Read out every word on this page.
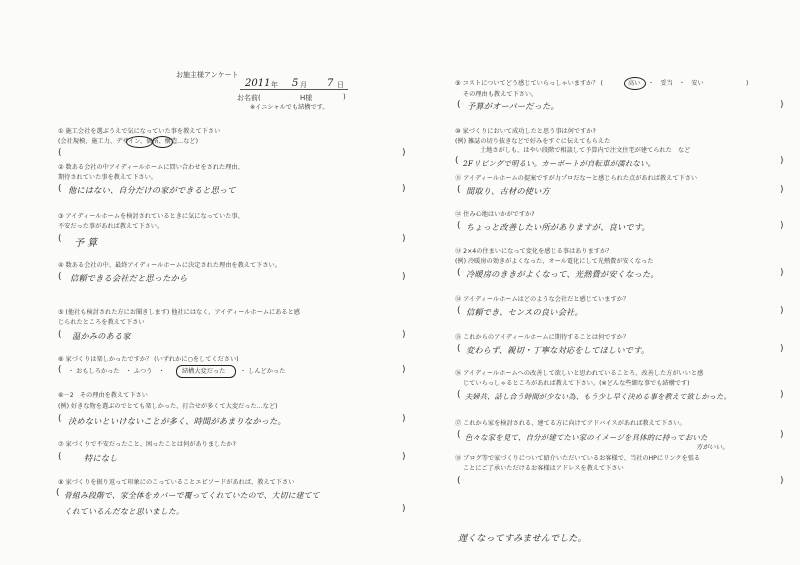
お施主様アンケート
2011 年 5 月 7 日
お名前(	H様	)
※イニシャルでも結構です。
① 施工会社を選ぶうえで気になっていた事を教えて下さい
(会社規模、施工力、デザイン、価格、構造…など)
(	)
② 数ある会社の中アイディールホームに問い合わせをされた理由、
期待されていた事を教えて下さい。
( 他にはない、自分だけの家ができると思って	)
③ アイディールホームを検討されているときに気になっていた事、
不安だった事があれば教えて下さい。
( 予 算	)
④ 数ある会社の中、最終アイディールホームに決定された理由を教えて下さい。
( 信頼できる会社だと思ったから	)
⑤ (他社も検討された方にお聞きします) 他社にはなく、アイディールホームにあると感
じられたところを教えて下さい
( 温かみのある家	)
⑥ 家づくりは楽しかったですか？ (いずれかに○をしてください)
( ・ おもしろかった　・ ふつう　・	結構大変だった ・ しんどかった	)
⑥－2　その理由を教えて下さい
(例) 好きな物を選ぶのでとても楽しかった、打合せが多くて大変だった…など)
( 決めないといけないことが多く、時間があまりなかった。	)
⑦ 家づくりで不安だったこと、困ったことは何がありましたか?
(	特になし	)
⑧ 家づくりを振り返って印象にのこっていることエピソードがあれば、教えて下さい
( 骨組み段階で、家全体をカバーで覆ってくれていたので、大切に建てて
くれているんだなと思いました。	)
⑨ コストについてどう感じていらっしゃいますか？ (	高い ・　妥当　・　安い	)
その理由も教えて下さい。
( 予算がオーバーだった。	)
⑩ 家づくりにおいて成功したと思う事は何ですか?
(例) 雑誌の切り抜きなどで好みをすぐに伝えてもらえた
土地さがしも、はやい段階で相談して予算内で注文住宅が建てられた　など
( 2Fリビングで明るい。カーポートが自転車が濡れない。	)
⑪ アイディールホームの提案ですが力プロだなーと感じられた点があれば教えて下さい
( 間取り、古材の使い方	)
⑫ 住み心地はいかがですか?
( ちょっと改善したい所がありますが、良いです。	)
⑬ 2×4の住まいになって変化を感じる事はありますか？
(例) 冷暖房の効きがよくなった、オール電化にして光熱費が安くなった
( 冷暖房のききがよくなって、光熱費が安くなった。	)
⑭ アイディールホームはどのような会社だと感じていますか？
( 信頼でき、センスの良い会社。	)
⑮ これからのアイディールホームに期待することは何ですか？
( 変わらず、親切・丁寧な対応をしてほしいです。	)
⑯ アイディールホームへの改善して欲しいと思われていることろ、改善した方がいいと感
じていらっしゃるところがあれば教えて下さい。(※どんな些細な事でも結構です)
( 夫婦共、話し合う時間が少ない為、もう少し早く決める事を教えて欲しかった。	)
⑰ これから家を検討される、建てる方に向けてアドバイスがあれば教えて下さい。
( 色々な家を見て、自分が建てたい家のイメージを具体的に持っておいた
方がいい。
)
⑱ ブログ等で家づくりについて紹介いただいているお客様で、当社のHPにリンクを張る
ことにご了承いただけるお客様はアドレスを教えて下さい
(	)
遅くなってすみませんでした。
